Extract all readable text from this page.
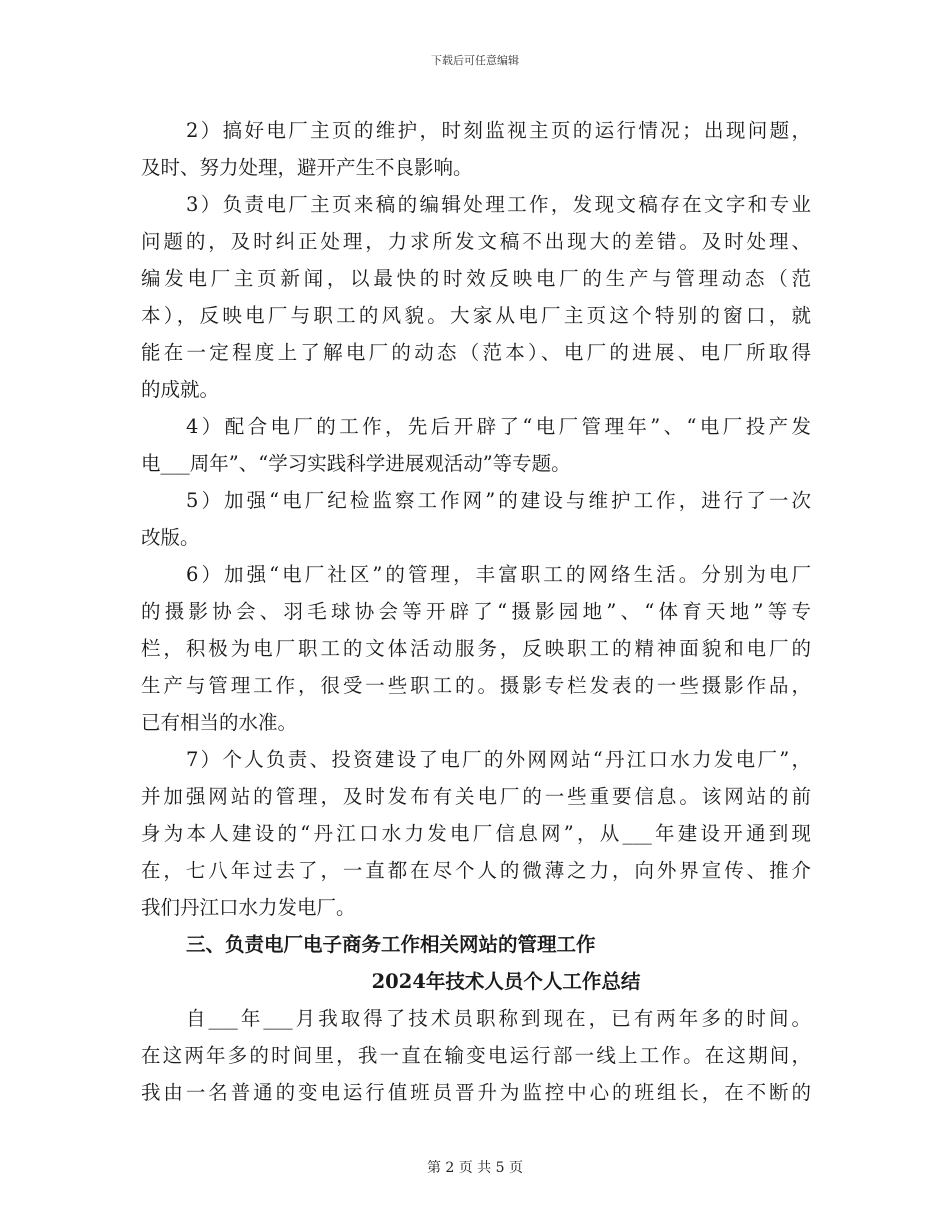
下载后可任意编辑
2）搞好电厂主页的维护，时刻监视主页的运行情况；出现问题，
及时、努力处理，避开产生不良影响。
3）负责电厂主页来稿的编辑处理工作，发现文稿存在文字和专业
问题的，及时纠正处理，力求所发文稿不出现大的差错。及时处理、
编发电厂主页新闻，以最快的时效反映电厂的生产与管理动态（范
本），反映电厂与职工的风貌。大家从电厂主页这个特别的窗口，就
能在一定程度上了解电厂的动态（范本）、电厂的进展、电厂所取得
的成就。
4）配合电厂的工作，先后开辟了“电厂管理年”、“电厂投产发
电___周年”、“学习实践科学进展观活动”等专题。
5）加强“电厂纪检监察工作网”的建设与维护工作，进行了一次
改版。
6）加强“电厂社区”的管理，丰富职工的网络生活。分别为电厂
的摄影协会、羽毛球协会等开辟了“摄影园地”、“体育天地”等专
栏，积极为电厂职工的文体活动服务，反映职工的精神面貌和电厂的
生产与管理工作，很受一些职工的。摄影专栏发表的一些摄影作品，
已有相当的水准。
7）个人负责、投资建设了电厂的外网网站“丹江口水力发电厂”，
并加强网站的管理，及时发布有关电厂的一些重要信息。该网站的前
身为本人建设的“丹江口水力发电厂信息网”，从___年建设开通到现
在，七八年过去了，一直都在尽个人的微薄之力，向外界宣传、推介
我们丹江口水力发电厂。
三、负责电厂电子商务工作相关网站的管理工作
2024年技术人员个人工作总结
自___年___月我取得了技术员职称到现在，已有两年多的时间。
在这两年多的时间里，我一直在输变电运行部一线上工作。在这期间，
我由一名普通的变电运行值班员晋升为监控中心的班组长，在不断的
第 2 页 共 5 页
